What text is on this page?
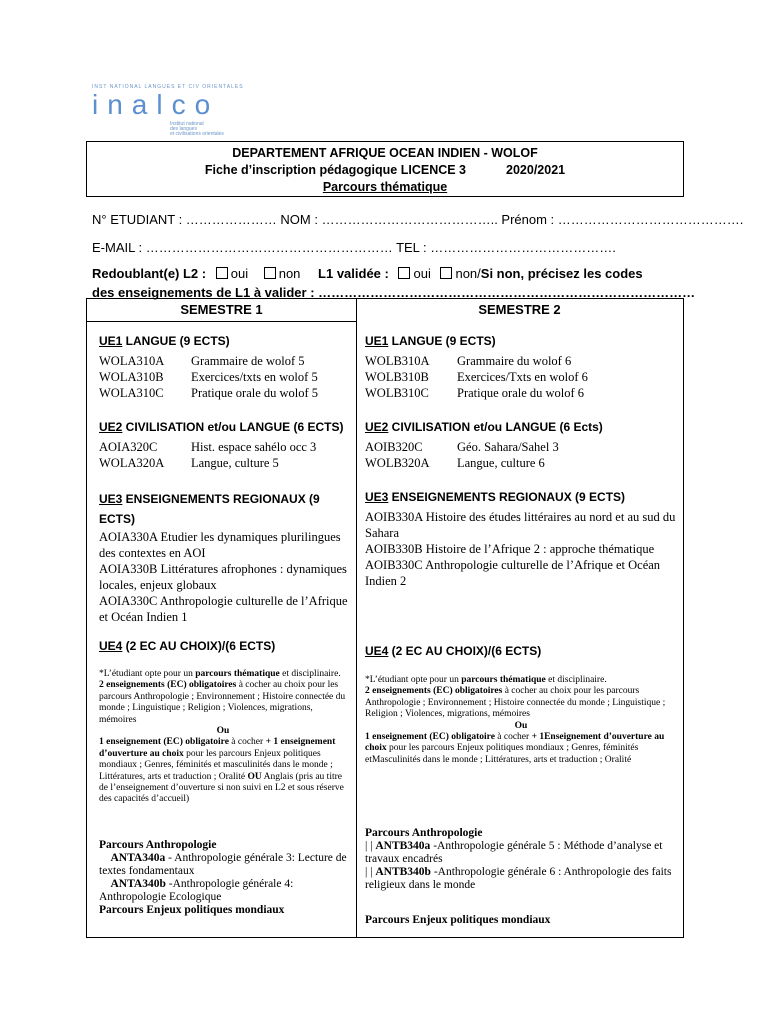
INST NATIONAL LANGUES ET CIV ORIENTALES
inalco
Institut national
des langues
et civilisations orientales
DEPARTEMENT AFRIQUE OCEAN INDIEN - WOLOF
Fiche d’inscription pédagogique LICENCE 3	2020/2021
Parcours thématique
N° ETUDIANT : ………………… NOM : ………………………………….. Prénom : …………………………………….
E-MAIL : ………………………………………………… TEL : …………………………………….
Redoublant(e) L2 : oui non L1 validée : oui non/Si non, précisez les codes
des enseignements de L1 à valider : ……………………………………………………………………………
SEMESTRE 1
UE1 LANGUE (9 ECTS)
WOLA310A Grammaire de wolof 5
WOLA310B Exercices/txts en wolof 5
WOLA310C Pratique orale du wolof 5
UE2 CIVILISATION et/ou LANGUE (6 ECTS)
AOIA320C	Hist. espace sahélo occ 3
WOLA320A Langue, culture 5
UE3 ENSEIGNEMENTS REGIONAUX (9 ECTS)
AOIA330A Etudier les dynamiques plurilingues des contextes en AOI
AOIA330B Littératures afrophones : dynamiques locales, enjeux globaux
AOIA330C Anthropologie culturelle de l’Afrique et Océan Indien 1
UE4 (2 EC AU CHOIX)/(6 ECTS)
*L’étudiant opte pour un parcours thématique et disciplinaire.
2 enseignements (EC) obligatoires à cocher au choix pour les parcours Anthropologie ; Environnement ; Histoire connectée du monde ; Linguistique ; Religion ; Violences, migrations, mémoires
Ou
1 enseignement (EC) obligatoire à cocher + 1 enseignement d’ouverture au choix pour les parcours Enjeux politiques mondiaux ; Genres, féminités et masculinités dans le monde ; Littératures, arts et traduction ; Oralité OU Anglais (pris au titre de l’enseignement d’ouverture si non suivi en L2 et sous réserve des capacités d’accueil)
Parcours Anthropologie
ANTA340a - Anthropologie générale 3: Lecture de textes fondamentaux
ANTA340b -Anthropologie générale 4: Anthropologie Ecologique
Parcours Enjeux politiques mondiaux
SEMESTRE 2
UE1 LANGUE (9 ECTS)
WOLB310A Grammaire du wolof 6
WOLB310B Exercices/Txts en wolof 6
WOLB310C Pratique orale du wolof 6
UE2 CIVILISATION et/ou LANGUE (6 Ects)
AOIB320C	Géo. Sahara/Sahel 3
WOLB320A Langue, culture 6
UE3 ENSEIGNEMENTS REGIONAUX (9 ECTS)
AOIB330A Histoire des études littéraires au nord et au sud du Sahara
AOIB330B Histoire de l’Afrique 2 : approche thématique
AOIB330C Anthropologie culturelle de l’Afrique et Océan Indien 2
UE4 (2 EC AU CHOIX)/(6 ECTS)
*L’étudiant opte pour un parcours thématique et disciplinaire.
2 enseignements (EC) obligatoires à cocher au choix pour les parcours Anthropologie ; Environnement ; Histoire connectée du monde ; Linguistique ; Religion ; Violences, migrations, mémoires
Ou
1 enseignement (EC) obligatoire à cocher + 1Enseignement d’ouverture au choix pour les parcours Enjeux politiques mondiaux ; Genres, féminités etMasculinités dans le monde ; Littératures, arts et traduction ; Oralité
Parcours Anthropologie
| | ANTB340a -Anthropologie générale 5 : Méthode d’analyse et travaux encadrés
| | ANTB340b -Anthropologie générale 6 : Anthropologie des faits religieux dans le monde
Parcours Enjeux politiques mondiaux
